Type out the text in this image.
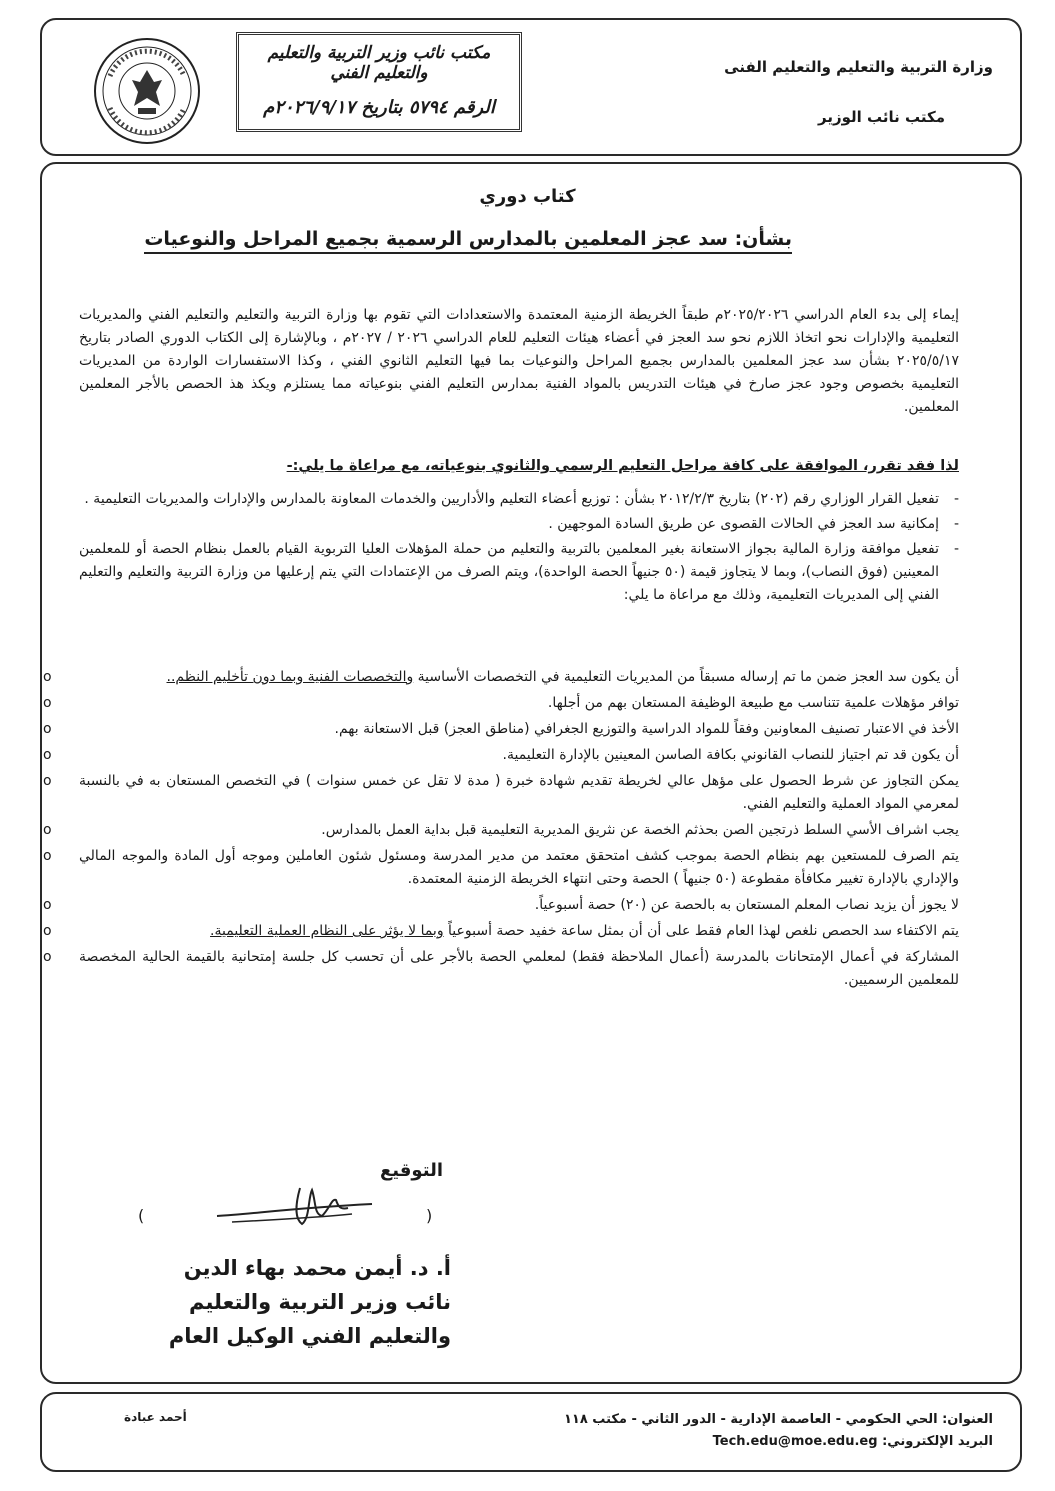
وزارة التربية والتعليم والتعليم الفنى
مكتب نائب الوزير
مكتب نائب وزير التربية والتعليم والتعليم الفني
الرقم ٥٧٩٤ بتاريخ ٢٠٢٦/٩/١٧م
كتاب دوري
بشأن: سد عجز المعلمين بالمدارس الرسمية بجميع المراحل والنوعيات
إيماء إلى بدء العام الدراسي ٢٠٢٥/٢٠٢٦م طبقاً الخريطة الزمنية المعتمدة والاستعدادات التي تقوم بها وزارة التربية والتعليم والتعليم الفني والمديريات التعليمية والإدارات نحو اتخاذ اللازم نحو سد العجز في أعضاء هيئات التعليم للعام الدراسي ٢٠٢٦ / ٢٠٢٧م ، وبالإشارة إلى الكتاب الدوري الصادر بتاريخ ٢٠٢٥/٥/١٧ بشأن سد عجز المعلمين بالمدارس بجميع المراحل والنوعيات بما فيها التعليم الثانوي الفني ، وكذا الاستفسارات الواردة من المديريات التعليمية بخصوص وجود عجز صارخ في هيئات التدريس بالمواد الفنية بمدارس التعليم الفني بنوعياته مما يستلزم ويكذ هذ الحصص بالأجر المعلمين المعلمين.
لذا فقد تقرر، الموافقة على كافة مراحل التعليم الرسمي والثانوي بنوعياته، مع مراعاة ما يلي:-
-
تفعيل القرار الوزاري رقم (٢٠٢) بتاريخ ٢٠١٢/٢/٣ بشأن : توزيع أعضاء التعليم والأداريين والخدمات المعاونة بالمدارس والإدارات والمديريات التعليمية .
-
إمكانية سد العجز في الحالات القصوى عن طريق السادة الموجهين .
-
تفعيل موافقة وزارة المالية بجواز الاستعانة بغير المعلمين بالتربية والتعليم من حملة المؤهلات العليا التربوية القيام بالعمل بنظام الحصة أو للمعلمين المعينين (فوق النصاب)، وبما لا يتجاوز قيمة (٥٠ جنيهاً الحصة الواحدة)، ويتم الصرف من الإعتمادات التي يتم إرعليها من وزارة التربية والتعليم والتعليم الفني إلى المديريات التعليمية، وذلك مع مراعاة ما يلي:
o	أن يكون سد العجز ضمن ما تم إرساله مسبقاً من المديريات التعليمية في التخصصات الأساسية والتخصصات الفنية وبما دون تأخليم النظم..
o	توافر مؤهلات علمية تتناسب مع طبيعة الوظيفة المستعان بهم من أجلها.
o	الأخذ في الاعتبار تصنيف المعاونين وفقاً للمواد الدراسية والتوزيع الجغرافي (مناطق العجز) قبل الاستعانة بهم.
o	أن يكون قد تم اجتياز للنصاب القانوني بكافة الصاسن المعينين بالإدارة التعليمية.
o يمكن التجاوز عن شرط الحصول على مؤهل عالي لخريطة تقديم شهادة خبرة ( مدة لا تقل عن خمس سنوات ) في التخصص المستعان به في بالنسبة لمعرمي المواد العملية والتعليم الفني.
o	يجب اشراف الأسي السلط ذرتجين الصن بحذثم الخصة عن نثريق المديرية التعليمية قبل بداية العمل بالمدارس.
o يتم الصرف للمستعين بهم بنظام الحصة بموجب كشف امتحقق معتمد من مدير المدرسة ومسئول شئون العاملين وموجه أول المادة والموجه المالي والإداري بالإدارة تغيير مكافأة مقطوعة (٥٠ جنيهاً ) الحصة وحتى انتهاء الخريطة الزمنية المعتمدة.
o	لا يجوز أن يزيد نصاب المعلم المستعان به بالحصة عن (٢٠) حصة أسبوعياً.
o	يتم الاكتفاء سد الحصص نلغص لهذا العام فقط على أن أن بمثل ساعة خفيد حصة أسبوعياً وبما لا يؤثر على النظام العملية التعليمية.
o المشاركة في أعمال الإمتحانات بالمدرسة (أعمال الملاحظة فقط) لمعلمي الحصة بالأجر على أن تحسب كل جلسة إمتحانية بالقيمة الحالية المخصصة للمعلمين الرسميين.
التوقيع
(	)
أ. د. أيمن محمد بهاء الدين
نائب وزير التربية والتعليم
والتعليم الفني الوكيل العام
العنوان: الحي الحكومي - العاصمة الإدارية - الدور الثاني - مكتب ١١٨
البريد الإلكتروني: Tech.edu@moe.edu.eg
أحمد عبادة
